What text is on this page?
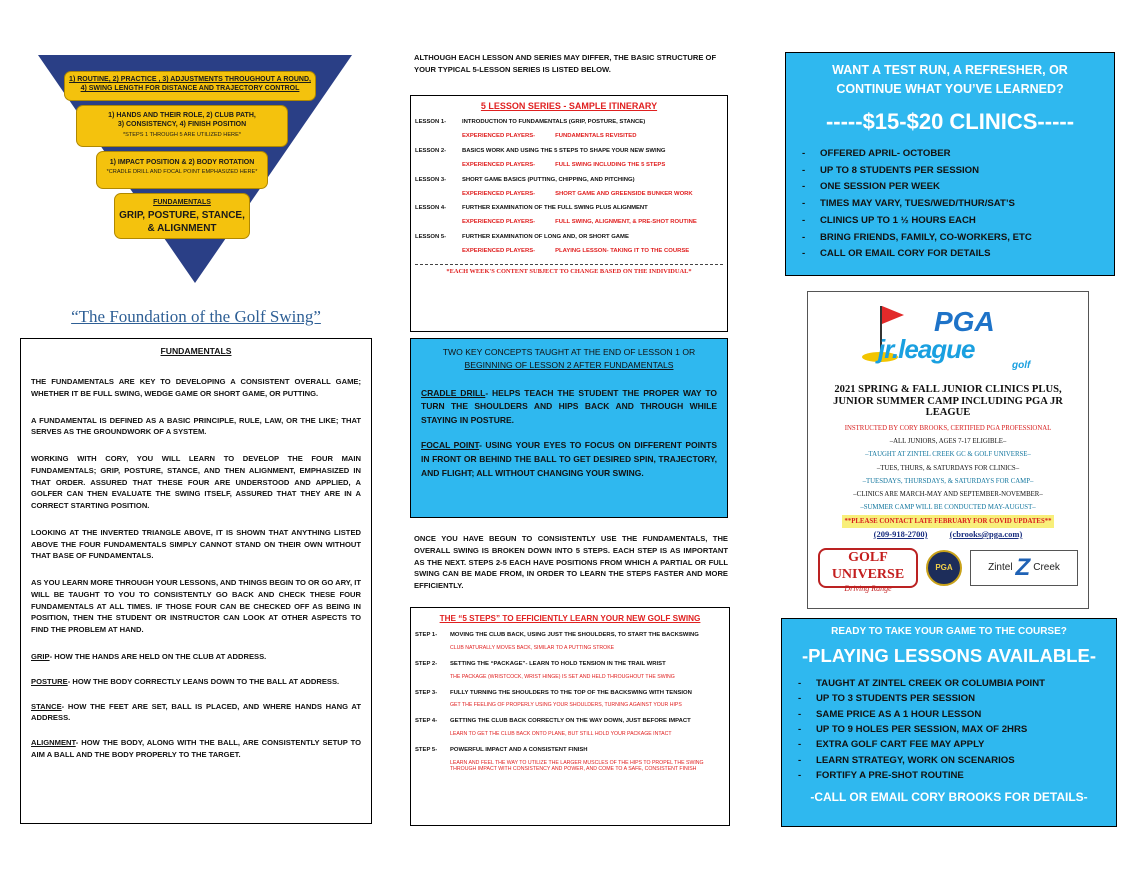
1) ROUTINE, 2) PRACTICE , 3) ADJUSTMENTS THROUGHOUT A ROUND,
4) SWING LENGTH FOR DISTANCE AND TRAJECTORY CONTROL
1) HANDS AND THEIR ROLE, 2) CLUB PATH,
3) CONSISTENCY, 4) FINISH POSITION
*STEPS 1 THROUGH 5 ARE UTILIZED HERE*
1) IMPACT POSITION & 2) BODY ROTATION
*CRADLE DRILL AND FOCAL POINT EMPHASIZED HERE*
FUNDAMENTALS
GRIP, POSTURE, STANCE, & ALIGNMENT
“The Foundation of the Golf Swing”
FUNDAMENTALS

THE FUNDAMENTALS ARE KEY TO DEVELOPING A CONSISTENT OVERALL GAME; WHETHER IT BE FULL SWING, WEDGE GAME OR SHORT GAME, OR PUTTING.

A FUNDAMENTAL IS DEFINED AS A BASIC PRINCIPLE, RULE, LAW, OR THE LIKE; THAT SERVES AS THE GROUNDWORK OF A SYSTEM.

WORKING WITH CORY, YOU WILL LEARN TO DEVELOP THE FOUR MAIN FUNDAMENTALS; GRIP, POSTURE, STANCE, AND THEN ALIGNMENT, EMPHASIZED IN THAT ORDER. ASSURED THAT THESE FOUR ARE UNDERSTOOD AND APPLIED, A GOLFER CAN THEN EVALUATE THE SWING ITSELF, ASSURED THAT THEY ARE IN A CORRECT STARTING POSITION.

LOOKING AT THE INVERTED TRIANGLE ABOVE, IT IS SHOWN THAT ANYTHING LISTED ABOVE THE FOUR FUNDAMENTALS SIMPLY CANNOT STAND ON THEIR OWN WITHOUT THAT BASE OF FUNDAMENTALS.

AS YOU LEARN MORE THROUGH YOUR LESSONS, AND THINGS BEGIN TO OR GO ARY, IT WILL BE TAUGHT TO YOU TO CONSISTENTLY GO BACK AND CHECK THESE FOUR FUNDAMENTALS AT ALL TIMES. IF THOSE FOUR CAN BE CHECKED OFF AS BEING IN POSITION, THEN THE STUDENT OR INSTRUCTOR CAN LOOK AT OTHER ASPECTS TO FIND THE PROBLEM AT HAND.

GRIP- HOW THE HANDS ARE HELD ON THE CLUB AT ADDRESS.

POSTURE- HOW THE BODY CORRECTLY LEANS DOWN TO THE BALL AT ADDRESS.

STANCE- HOW THE FEET ARE SET, BALL IS PLACED, AND WHERE HANDS HANG AT ADDRESS.

ALIGNMENT- HOW THE BODY, ALONG WITH THE BALL, ARE CONSISTENTLY SETUP TO AIM A BALL AND THE BODY PROPERLY TO THE TARGET.

ALTHOUGH EACH LESSON AND SERIES MAY DIFFER, THE BASIC STRUCTURE OF YOUR TYPICAL 5-LESSON SERIES IS LISTED BELOW.
5 LESSON SERIES - SAMPLE ITINERARY
LESSON 1-	INTRODUCTION TO FUNDAMENTALS (GRIP, POSTURE, STANCE)
EXPERIENCED PLAYERS-	FUNDAMENTALS REVISITED
LESSON 2-	BASICS WORK AND USING THE 5 STEPS TO SHAPE YOUR NEW SWING
EXPERIENCED PLAYERS-	FULL SWING INCLUDING THE 5 STEPS
LESSON 3-	SHORT GAME BASICS (PUTTING, CHIPPING, AND PITCHING)
EXPERIENCED PLAYERS-	SHORT GAME AND GREENSIDE BUNKER WORK
LESSON 4-	FURTHER EXAMINATION OF THE FULL SWING PLUS ALIGNMENT
EXPERIENCED PLAYERS-	FULL SWING, ALIGNMENT, & PRE-SHOT ROUTINE
LESSON 5-	FURTHER EXAMINATION OF LONG AND, OR SHORT GAME
EXPERIENCED PLAYERS-	PLAYING LESSON- TAKING IT TO THE COURSE
*EACH WEEK'S CONTENT SUBJECT TO CHANGE BASED ON THE INDIVIDUAL*
TWO KEY CONCEPTS TAUGHT AT THE END OF LESSON 1 OR
BEGINNING OF LESSON 2 AFTER FUNDAMENTALS

CRADLE DRILL- HELPS TEACH THE STUDENT THE PROPER WAY TO TURN THE SHOULDERS AND HIPS BACK AND THROUGH WHILE STAYING IN POSTURE.

FOCAL POINT- USING YOUR EYES TO FOCUS ON DIFFERENT POINTS IN FRONT OR BEHIND THE BALL TO GET DESIRED SPIN, TRAJECTORY, AND FLIGHT; ALL WITHOUT CHANGING YOUR SWING.

ONCE YOU HAVE BEGUN TO CONSISTENTLY USE THE FUNDAMENTALS, THE OVERALL SWING IS BROKEN DOWN INTO 5 STEPS. EACH STEP IS AS IMPORTANT AS THE NEXT. STEPS 2-5 EACH HAVE POSITIONS FROM WHICH A PARTIAL OR FULL SWING CAN BE MADE FROM, IN ORDER TO LEARN THE STEPS FASTER AND MORE EFFICIENTLY.
THE “5 STEPS” TO EFFICIENTLY LEARN YOUR NEW GOLF SWING
STEP 1-	MOVING THE CLUB BACK, USING JUST THE SHOULDERS, TO START THE BACKSWING
CLUB NATURALLY MOVES BACK, SIMILAR TO A PUTTING STROKE
STEP 2-	SETTING THE “PACKAGE”- LEARN TO HOLD TENSION IN THE TRAIL WRIST
THE PACKAGE (WRISTCOCK, WRIST HINGE) IS SET AND HELD THROUGHOUT THE SWING
STEP 3-	FULLY TURNING THE SHOULDERS TO THE TOP OF THE BACKSWING WITH TENSION
GET THE FEELING OF PROPERLY USING YOUR SHOULDERS, TURNING AGAINST YOUR HIPS
STEP 4-	GETTING THE CLUB BACK CORRECTLY ON THE WAY DOWN, JUST BEFORE IMPACT
LEARN TO GET THE CLUB BACK ONTO PLANE, BUT STILL HOLD YOUR PACKAGE INTACT
STEP 5-	POWERFUL IMPACT AND A CONSISTENT FINISH
LEARN AND FEEL THE WAY TO UTILIZE THE LARGER MUSCLES OF THE HIPS TO PROPEL THE SWING THROUGH IMPACT WITH CONSISTENCY AND POWER, AND COME TO A SAFE, CONSISTENT FINISH
WANT A TEST RUN, A REFRESHER, OR
CONTINUE WHAT YOU’VE LEARNED?
-----$15-$20 CLINICS-----
-	OFFERED APRIL- OCTOBER
-	UP TO 8 STUDENTS PER SESSION
-	ONE SESSION PER WEEK
-	TIMES MAY VARY, TUES/WED/THUR/SAT’S
-	CLINICS UP TO 1 ½ HOURS EACH
-	BRING FRIENDS, FAMILY, CO-WORKERS, ETC
-	CALL OR EMAIL CORY FOR DETAILS
PGA
jr.league
golf
2021 SPRING & FALL JUNIOR CLINICS PLUS, JUNIOR SUMMER CAMP INCLUDING PGA JR LEAGUE
INSTRUCTED BY CORY BROOKS, CERTIFIED PGA PROFESSIONAL
–ALL JUNIORS, AGES 7-17 ELIGIBLE–
–TAUGHT AT ZINTEL CREEK GC & GOLF UNIVERSE–
–TUES, THURS, & SATURDAYS FOR CLINICS–
–TUESDAYS, THURSDAYS, & SATURDAYS FOR CAMP–
–CLINICS ARE MARCH-MAY AND SEPTEMBER-NOVEMBER–
–SUMMER CAMP WILL BE CONDUCTED MAY-AUGUST–
**PLEASE CONTACT LATE FEBRUARY FOR COVID UPDATES**
(209-918-2700)	(cbrooks@pga.com)
GOLF UNIVERSE
Driving Range
PGA	Zintel Z Creek
READY TO TAKE YOUR GAME TO THE COURSE?
-PLAYING LESSONS AVAILABLE-
-	TAUGHT AT ZINTEL CREEK OR COLUMBIA POINT
-	UP TO 3 STUDENTS PER SESSION
-	SAME PRICE AS A 1 HOUR LESSON
-	UP TO 9 HOLES PER SESSION, MAX OF 2HRS
-	EXTRA GOLF CART FEE MAY APPLY
-	LEARN STRATEGY, WORK ON SCENARIOS
-	FORTIFY A PRE-SHOT ROUTINE
-CALL OR EMAIL CORY BROOKS FOR DETAILS-
